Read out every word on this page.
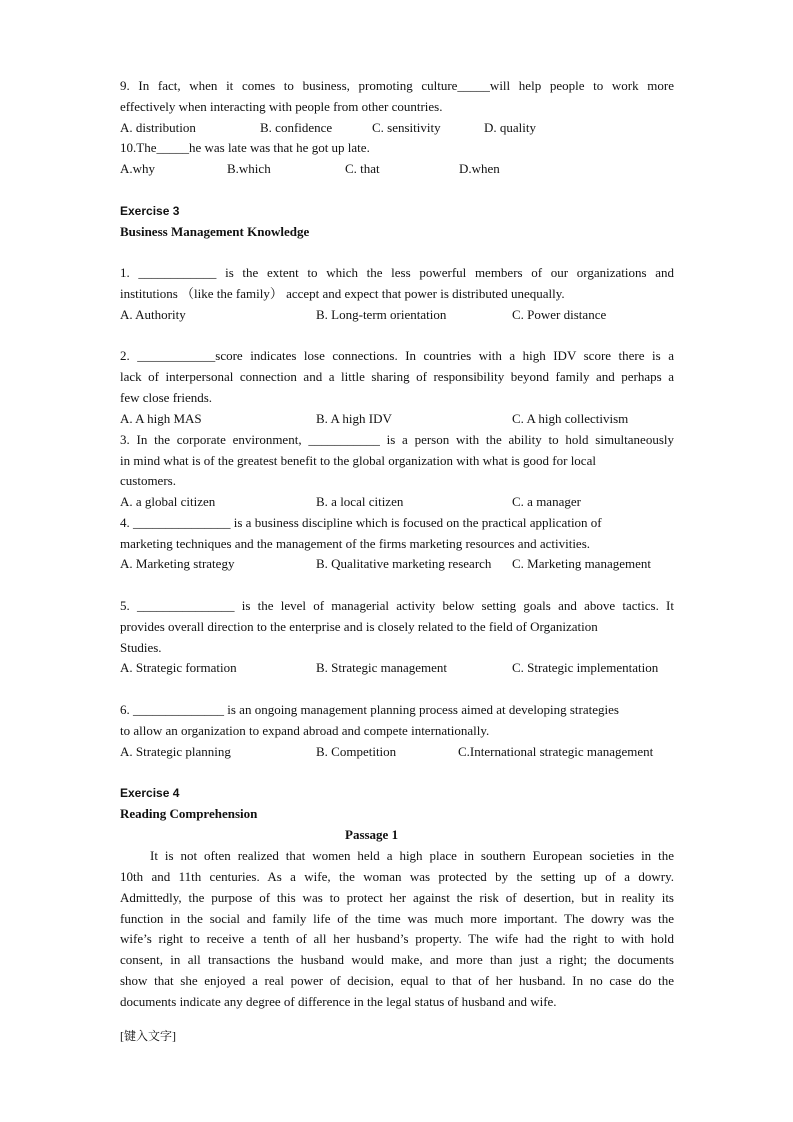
9. In fact, when it comes to business, promoting culture_____will help people to work more
effectively when interacting with people from other countries.
A. distribution	B. confidence	C. sensitivity	D. quality
10.The_____he was late was that he got up late.
A.why	B.which	C. that	D.when
Exercise 3
Business Management Knowledge
1. ____________ is the extent to which the less powerful members of our organizations and
institutions （like the family） accept and expect that power is distributed unequally.
A. Authority	B. Long-term orientation	C. Power distance
2. ____________score indicates lose connections. In countries with a high IDV score there is a
lack of interpersonal connection and a little sharing of responsibility beyond family and perhaps a
few close friends.
A. A high MAS	B. A high IDV	C. A high collectivism
3. In the corporate environment, ___________ is a person with the ability to hold simultaneously
in mind what is of the greatest benefit to the global organization with what is good for local
customers.
A. a global citizen	B. a local citizen	C. a manager
4. _______________ is a business discipline which is focused on the practical application of
marketing techniques and the management of the firms marketing resources and activities.
A. Marketing strategy	B. Qualitative marketing research C. Marketing management
5. _______________ is the level of managerial activity below setting goals and above tactics. It
provides overall direction to the enterprise and is closely related to the field of Organization
Studies.
A. Strategic formation	B. Strategic management	C. Strategic implementation
6. ______________ is an ongoing management planning process aimed at developing strategies
to allow an organization to expand abroad and compete internationally.
A. Strategic planning	B. Competition	C.International strategic management
Exercise 4
Reading Comprehension
Passage 1
It is not often realized that women held a high place in southern European societies in the
10th and 11th centuries. As a wife, the woman was protected by the setting up of a dowry.
Admittedly, the purpose of this was to protect her against the risk of desertion, but in reality its
function in the social and family life of the time was much more important. The dowry was the
wife’s right to receive a tenth of all her husband’s property. The wife had the right to with hold
consent, in all transactions the husband would make, and more than just a right; the documents
show that she enjoyed a real power of decision, equal to that of her husband. In no case do the
documents indicate any degree of difference in the legal status of husband and wife.
[键入文字]
